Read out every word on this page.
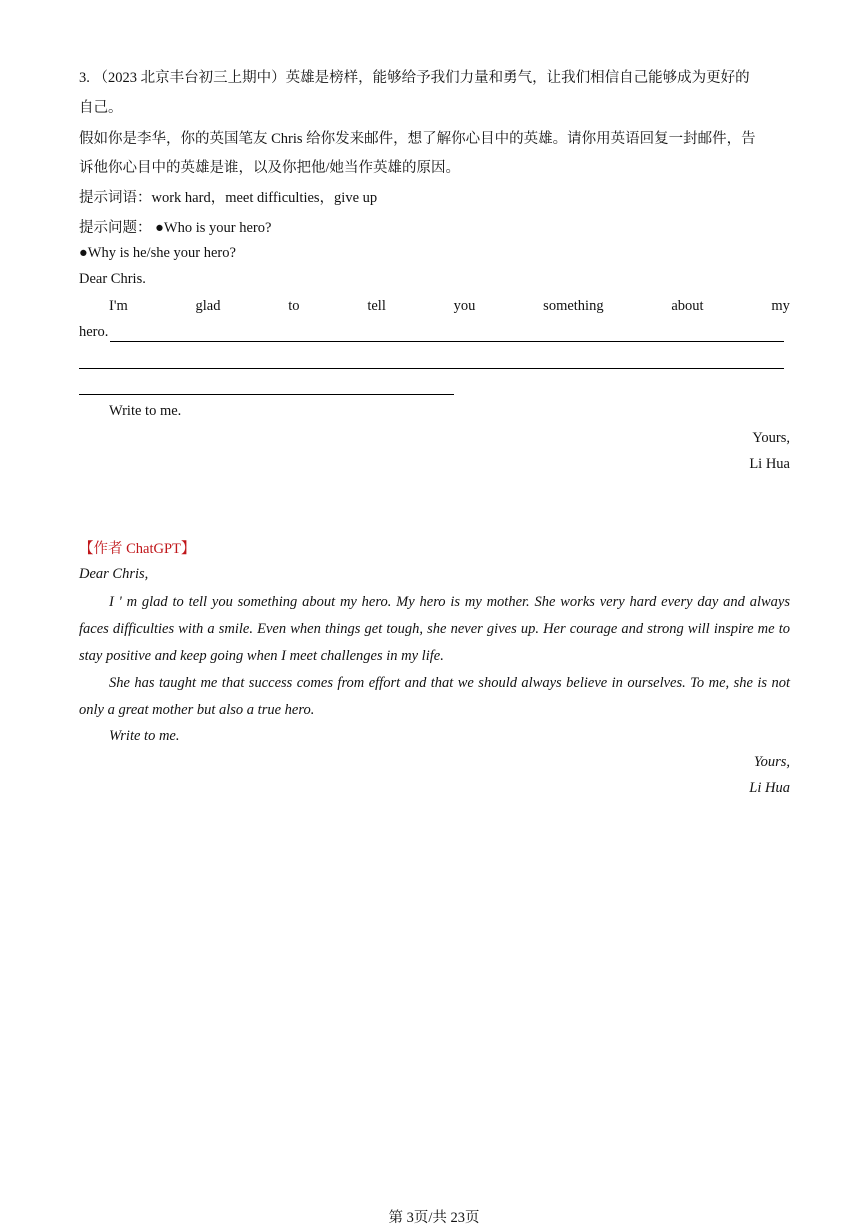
3. （2023 北京丰台初三上期中）英雄是榜样，能够给予我们力量和勇气，让我们相信自己能够成为更好的
自己。
假如你是李华，你的英国笔友 Chris 给你发来邮件，想了解你心目中的英雄。请你用英语回复一封邮件，告
诉他你心目中的英雄是谁，以及你把他/她当作英雄的原因。
提示词语：work hard，meet difficulties，give up
提示问题： ●Who is your hero?
●Why is he/she your hero?
Dear Chris.
I'm	glad	to	tell	you	something	about	my
hero.
Write to me.
Yours,
Li Hua
【作者 ChatGPT】
Dear Chris,
I ' m glad to tell you something about my hero. My hero is my mother. She works very hard every day and always faces difficulties with a smile. Even when things get tough, she never gives up. Her courage and strong will inspire me to stay positive and keep going when I meet challenges in my life.
She has taught me that success comes from effort and that we should always believe in ourselves. To me, she is not only a great mother but also a true hero.
Write to me.
Yours,
Li Hua
第 3页/共 23页
